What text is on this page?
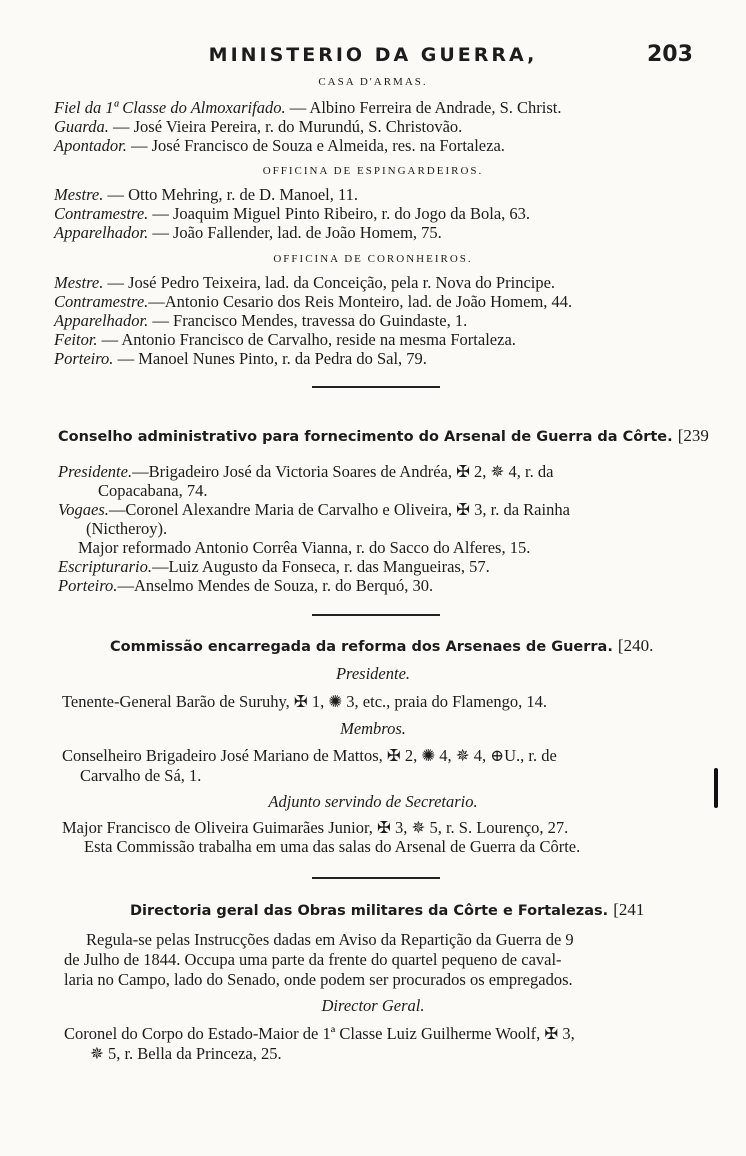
MINISTERIO DA GUERRA,	203
CASA D'ARMAS.
Fiel da 1ª Classe do Almoxarifado. — Albino Ferreira de Andrade, S. Christ.
Guarda. — José Vieira Pereira, r. do Murundú, S. Christovão.
Apontador. — José Francisco de Souza e Almeida, res. na Fortaleza.
OFFICINA DE ESPINGARDEIROS.
Mestre. — Otto Mehring, r. de D. Manoel, 11.
Contramestre. — Joaquim Miguel Pinto Ribeiro, r. do Jogo da Bola, 63.
Apparelhador. — João Fallender, lad. de João Homem, 75.
OFFICINA DE CORONHEIROS.
Mestre. — José Pedro Teixeira, lad. da Conceição, pela r. Nova do Principe.
Contramestre.—Antonio Cesario dos Reis Monteiro, lad. de João Homem, 44.
Apparelhador. — Francisco Mendes, travessa do Guindaste, 1.
Feitor. — Antonio Francisco de Carvalho, reside na mesma Fortaleza.
Porteiro. — Manoel Nunes Pinto, r. da Pedra do Sal, 79.
Conselho administrativo para fornecimento do Arsenal de Guerra da Côrte. [239
Presidente.—Brigadeiro José da Victoria Soares de Andréa, ✠ 2, ✵ 4, r. da
Copacabana, 74.
Vogaes.—Coronel Alexandre Maria de Carvalho e Oliveira, ✠ 3, r. da Rainha
(Nictheroy).
Major reformado Antonio Corrêa Vianna, r. do Sacco do Alferes, 15.
Escripturario.—Luiz Augusto da Fonseca, r. das Mangueiras, 57.
Porteiro.—Anselmo Mendes de Souza, r. do Berquó, 30.
Commissão encarregada da reforma dos Arsenaes de Guerra. [240.
Presidente.
Tenente-General Barão de Suruhy, ✠ 1, ✺ 3, etc., praia do Flamengo, 14.
Membros.
Conselheiro Brigadeiro José Mariano de Mattos, ✠ 2, ✺ 4, ✵ 4, ⊕U., r. de
Carvalho de Sá, 1.
Adjunto servindo de Secretario.
Major Francisco de Oliveira Guimarães Junior, ✠ 3, ✵ 5, r. S. Lourenço, 27.
Esta Commissão trabalha em uma das salas do Arsenal de Guerra da Côrte.
Directoria geral das Obras militares da Côrte e Fortalezas. [241
Regula-se pelas Instrucções dadas em Aviso da Repartição da Guerra de 9
de Julho de 1844. Occupa uma parte da frente do quartel pequeno de caval-
laria no Campo, lado do Senado, onde podem ser procurados os empregados.
Director Geral.
Coronel do Corpo do Estado-Maior de 1ª Classe Luiz Guilherme Woolf, ✠ 3,
✵ 5, r. Bella da Princeza, 25.
